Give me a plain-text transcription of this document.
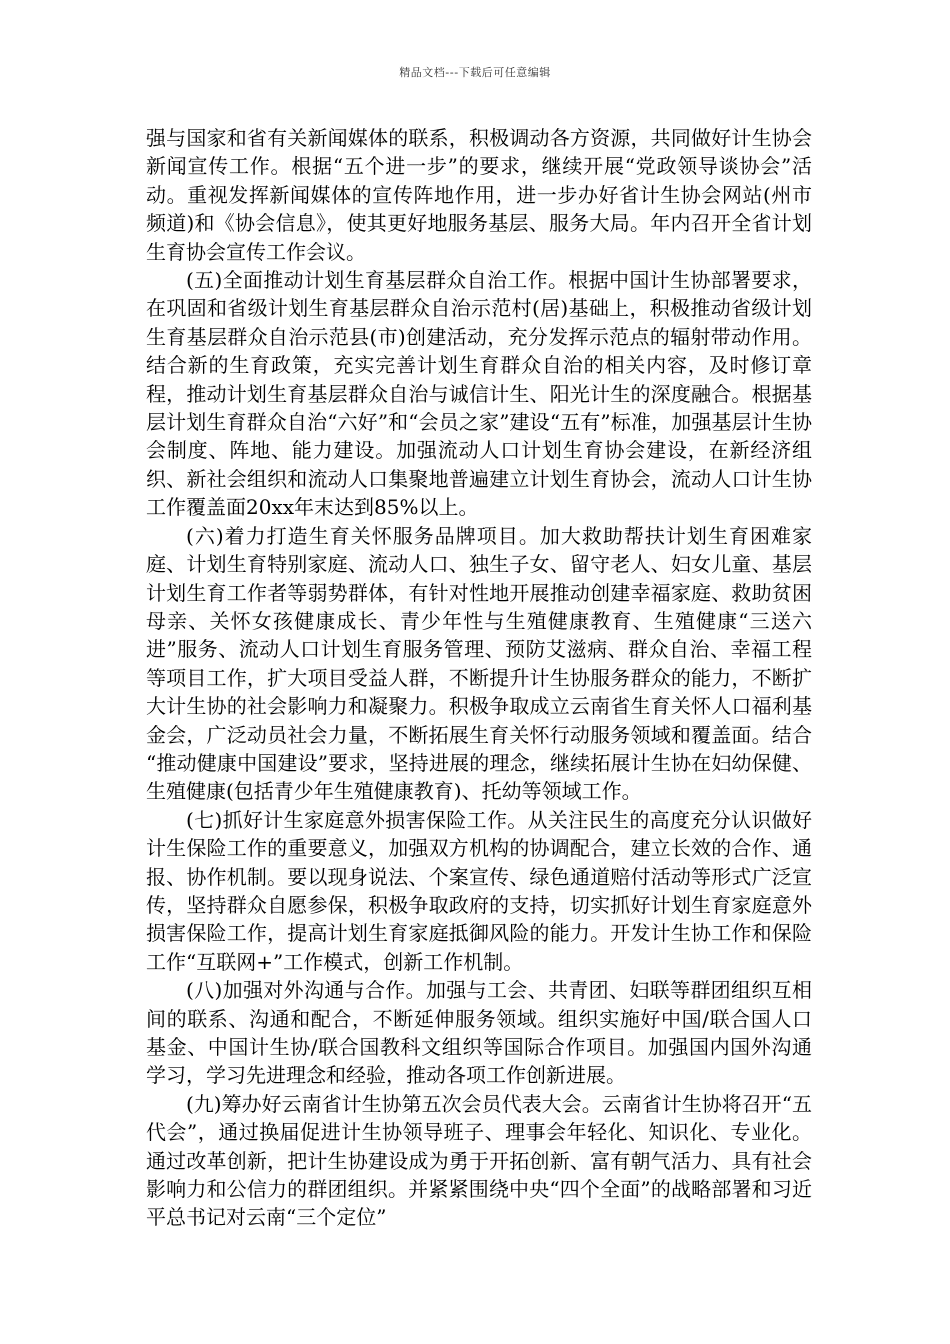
精品文档---下载后可任意编辑

强与国家和省有关新闻媒体的联系，积极调动各方资源，共同做好计生协会新闻宣传工作。根据“五个进一步”的要求，继续开展“党政领导谈协会”活动。重视发挥新闻媒体的宣传阵地作用，进一步办好省计生协会网站(州市频道)和《协会信息》，使其更好地服务基层、服务大局。年内召开全省计划生育协会宣传工作会议。

(五)全面推动计划生育基层群众自治工作。根据中国计生协部署要求，在巩固和省级计划生育基层群众自治示范村(居)基础上，积极推动省级计划生育基层群众自治示范县(市)创建活动，充分发挥示范点的辐射带动作用。结合新的生育政策，充实完善计划生育群众自治的相关内容，及时修订章程，推动计划生育基层群众自治与诚信计生、阳光计生的深度融合。根据基层计划生育群众自治“六好”和“会员之家”建设“五有”标准，加强基层计生协会制度、阵地、能力建设。加强流动人口计划生育协会建设，在新经济组织、新社会组织和流动人口集聚地普遍建立计划生育协会，流动人口计生协工作覆盖面20xx年末达到85%以上。

(六)着力打造生育关怀服务品牌项目。加大救助帮扶计划生育困难家庭、计划生育特别家庭、流动人口、独生子女、留守老人、妇女儿童、基层计划生育工作者等弱势群体，有针对性地开展推动创建幸福家庭、救助贫困母亲、关怀女孩健康成长、青少年性与生殖健康教育、生殖健康“三送六进”服务、流动人口计划生育服务管理、预防艾滋病、群众自治、幸福工程等项目工作，扩大项目受益人群，不断提升计生协服务群众的能力，不断扩大计生协的社会影响力和凝聚力。积极争取成立云南省生育关怀人口福利基金会，广泛动员社会力量，不断拓展生育关怀行动服务领域和覆盖面。结合 “推动健康中国建设”要求，坚持进展的理念，继续拓展计生协在妇幼保健、生殖健康(包括青少年生殖健康教育)、托幼等领域工作。

(七)抓好计生家庭意外损害保险工作。从关注民生的高度充分认识做好计生保险工作的重要意义，加强双方机构的协调配合，建立长效的合作、通报、协作机制。要以现身说法、个案宣传、绿色通道赔付活动等形式广泛宣传，坚持群众自愿参保，积极争取政府的支持，切实抓好计划生育家庭意外损害保险工作，提高计划生育家庭抵御风险的能力。开发计生协工作和保险工作“互联网+”工作模式，创新工作机制。

(八)加强对外沟通与合作。加强与工会、共青团、妇联等群团组织互相间的联系、沟通和配合，不断延伸服务领域。组织实施好中国/联合国人口基金、中国计生协/联合国教科文组织等国际合作项目。加强国内国外沟通学习，学习先进理念和经验，推动各项工作创新进展。

(九)筹办好云南省计生协第五次会员代表大会。云南省计生协将召开“五代会”，通过换届促进计生协领导班子、理事会年轻化、知识化、专业化。通过改革创新，把计生协建设成为勇于开拓创新、富有朝气活力、具有社会影响力和公信力的群团组织。并紧紧围绕中央“四个全面”的战略部署和习近平总书记对云南“三个定位”
